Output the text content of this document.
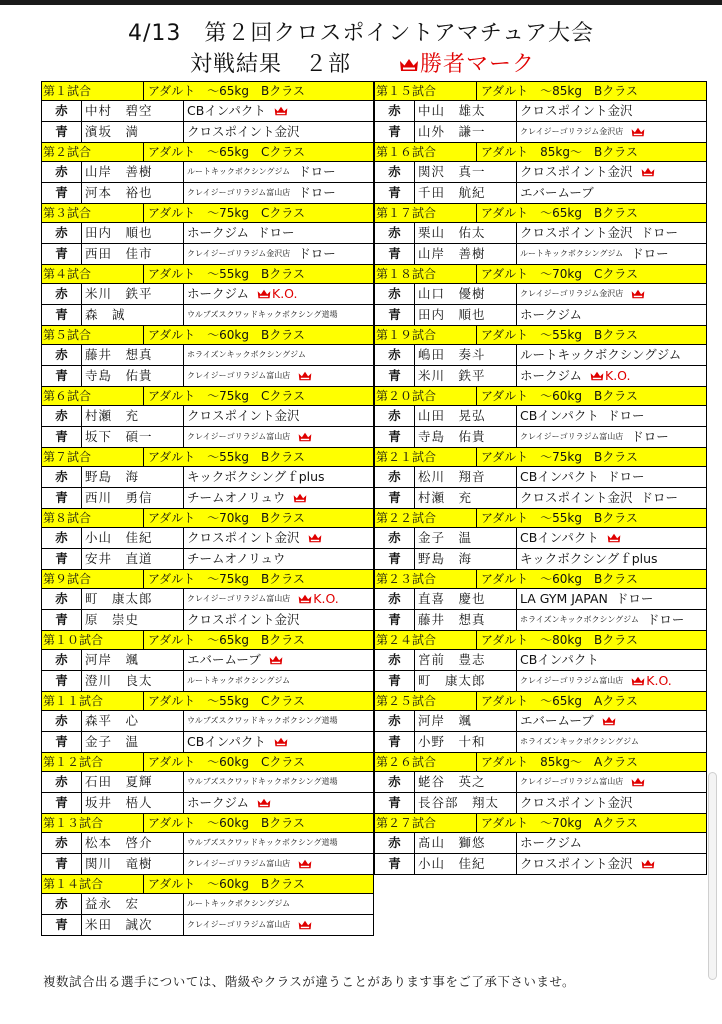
4/13　第２回クロスポイントアマチュア大会
対戦結果　２部	勝者マーク
第１試合	アダルト　～65kg　Bクラス
赤	中村　碧空	CBインパクト
青	濱坂　満	クロスポイント金沢
第２試合	アダルト　～65kg　Cクラス
赤	山岸　善樹	ルートキックボクシングジム ドロー
青	河本　裕也	クレイジーゴリラジム富山店 ドロー
第３試合	アダルト　～75kg　Cクラス
赤	田内　順也	ホークジム ドロー
青	西田　佳市	クレイジーゴリラジム金沢店 ドロー
第４試合	アダルト　～55kg　Bクラス
赤	米川　鉄平	ホークジム K.O.
青	森　誠	ウルブズスクワッドキックボクシング道場
第５試合	アダルト　～60kg　Bクラス
赤	藤井　想真	ホライズンキックボクシングジム
青	寺島　佑貴	クレイジーゴリラジム富山店
第６試合	アダルト　～75kg　Cクラス
赤	村瀬　充	クロスポイント金沢
青	坂下　碩一	クレイジーゴリラジム富山店
第７試合	アダルト　～55kg　Bクラス
赤	野島　海	キックボクシングｆplus
青	西川　勇信	チームオノリュウ
第８試合	アダルト　～70kg　Bクラス
赤	小山　佳紀	クロスポイント金沢
青	安井　直道	チームオノリュウ
第９試合	アダルト　～75kg　Bクラス
赤	町　康太郎	クレイジーゴリラジム富山店 K.O.
青	原　崇史	クロスポイント金沢
第１０試合	アダルト　～65kg　Bクラス
赤	河岸　颯	エバームーブ
青	澄川　良太	ルートキックボクシングジム
第１１試合	アダルト　～55kg　Cクラス
赤	森平　心	ウルブズスクワッドキックボクシング道場
青	金子　温	CBインパクト
第１２試合	アダルト　～60kg　Cクラス
赤	石田　夏輝	ウルブズスクワッドキックボクシング道場
青	坂井　梧人	ホークジム
第１３試合	アダルト　～60kg　Bクラス
赤	松本　啓介	ウルブズスクワッドキックボクシング道場
青	関川　竜樹	クレイジーゴリラジム富山店
第１４試合	アダルト　～60kg　Bクラス
赤	益永　宏	ルートキックボクシングジム
青	米田　誠次	クレイジーゴリラジム富山店
第１５試合	アダルト　～85kg　Bクラス
赤	中山　雄太	クロスポイント金沢
青	山外　謙一	クレイジーゴリラジム金沢店
第１６試合	アダルト　85kg～　Bクラス
赤	関沢　真一	クロスポイント金沢
青	千田　航紀	エバームーブ
第１７試合	アダルト　～65kg　Bクラス
赤	栗山　佑太	クロスポイント金沢 ドロー
青	山岸　善樹	ルートキックボクシングジム ドロー
第１８試合	アダルト　～70kg　Cクラス
赤	山口　優樹	クレイジーゴリラジム金沢店
青	田内　順也	ホークジム
第１９試合	アダルト　～55kg　Bクラス
赤	嶋田　奏斗	ルートキックボクシングジム
青	米川　鉄平	ホークジム K.O.
第２０試合	アダルト　～60kg　Bクラス
赤	山田　晃弘	CBインパクト ドロー
青	寺島　佑貴	クレイジーゴリラジム富山店 ドロー
第２１試合	アダルト　～75kg　Bクラス
赤	松川　翔音	CBインパクト ドロー
青	村瀬　充	クロスポイント金沢 ドロー
第２２試合	アダルト　～55kg　Bクラス
赤	金子　温	CBインパクト
青	野島　海	キックボクシングｆplus
第２３試合	アダルト　～60kg　Bクラス
赤	直喜　慶也	LA GYM JAPAN ドロー
青	藤井　想真	ホライズンキックボクシングジム ドロー
第２４試合	アダルト　～80kg　Bクラス
赤	宮前　豊志	CBインパクト
青	町　康太郎	クレイジーゴリラジム富山店 K.O.
第２５試合	アダルト　～65kg　Aクラス
赤	河岸　颯	エバームーブ
青	小野　十和	ホライズンキックボクシングジム
第２６試合	アダルト　85kg～　Aクラス
赤	蛯谷　英之	クレイジーゴリラジム富山店
青	長谷部　翔太	クロスポイント金沢
第２７試合	アダルト　～70kg　Aクラス
赤	髙山　獅悠	ホークジム
青	小山　佳紀	クロスポイント金沢
複数試合出る選手については、階級やクラスが違うことがあります事をご了承下さいませ。
